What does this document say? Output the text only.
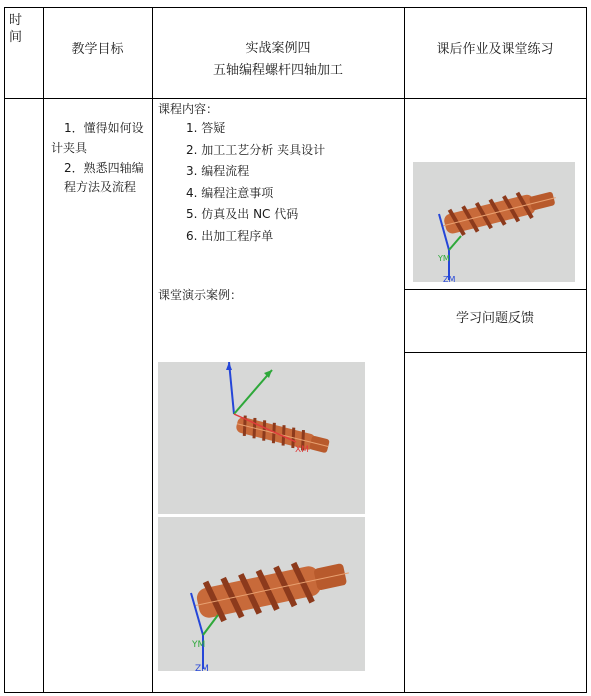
时
间
教学目标	实战案例四
五轴编程螺杆四轴加工
课后作业及课堂练习
1．懂得如何设
计夹具
2．熟悉四轴编
程方法及流程
课程内容：
1. 答疑
2. 加工工艺分析 夹具设计
3. 编程流程
4. 编程注意事项
5. 仿真及出 NC 代码
6. 出加工程序单
课堂演示案例：
XM
YM
ZM
YM
ZM
学习问题反馈
